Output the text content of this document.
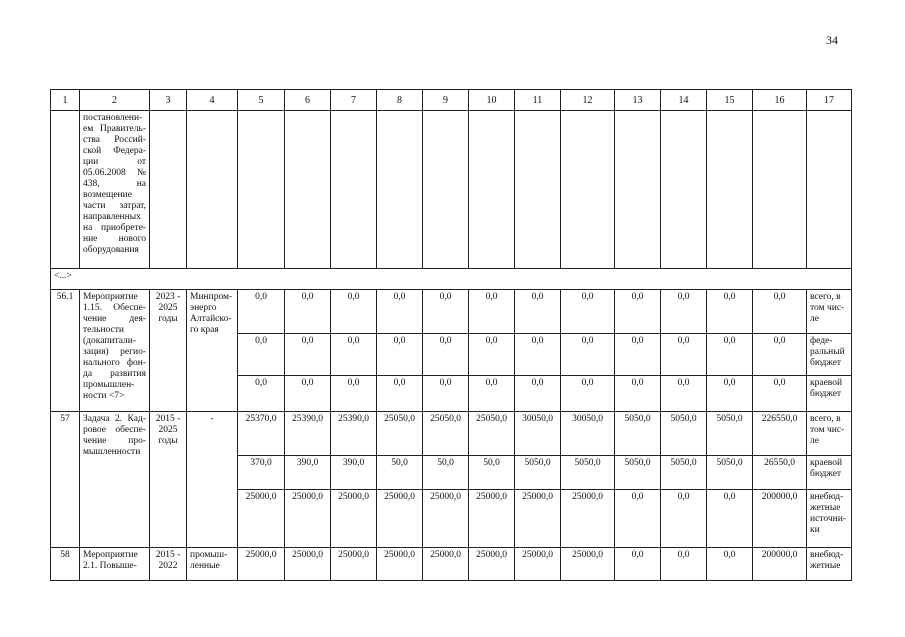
34
1	2	3	4	5	6	7	8	9	10	11	12	13	14	15	16	17
	постановлени-ем Правитель-ства Россий-ской Федера-ции от 05.06.2008 № 438, на возмещение части затрат, направленных на приобрете-ние нового оборудования															
<...>																
56.1	Мероприятие 1.15. Обеспе-чение дея-тельности (докапитали-зация) регио-нального фон-да развития промышлен-ности <7>	2023 - 2025 годы	Минпром-энерго Алтайско-го края	0,0	0,0	0,0	0,0	0,0	0,0	0,0	0,0	0,0	0,0	0,0	0,0	всего, в том чис-ле
				0,0	0,0	0,0	0,0	0,0	0,0	0,0	0,0	0,0	0,0	0,0	0,0	феде-ральный бюджет
				0,0	0,0	0,0	0,0	0,0	0,0	0,0	0,0	0,0	0,0	0,0	0,0	краевой бюджет
57	Задача 2. Кад-ровое обеспе-чение про-мышленности	2015 - 2025 годы	-	25370,0	25390,0	25390,0	25050,0	25050,0	25050,0	30050,0	30050,0	5050,0	5050,0	5050,0	226550,0	всего, в том чис-ле
				370,0	390,0	390,0	50,0	50,0	50,0	5050,0	5050,0	5050,0	5050,0	5050,0	26550,0	краевой бюджет
				25000,0	25000,0	25000,0	25000,0	25000,0	25000,0	25000,0	25000,0	0,0	0,0	0,0	200000,0	внебюд-жетные источни-ки
58	Мероприятие 2.1. Повыше-	2015 - 2022	промыш-ленные	25000,0	25000,0	25000,0	25000,0	25000,0	25000,0	25000,0	25000,0	0,0	0,0	0,0	200000,0	внебюд-жетные
